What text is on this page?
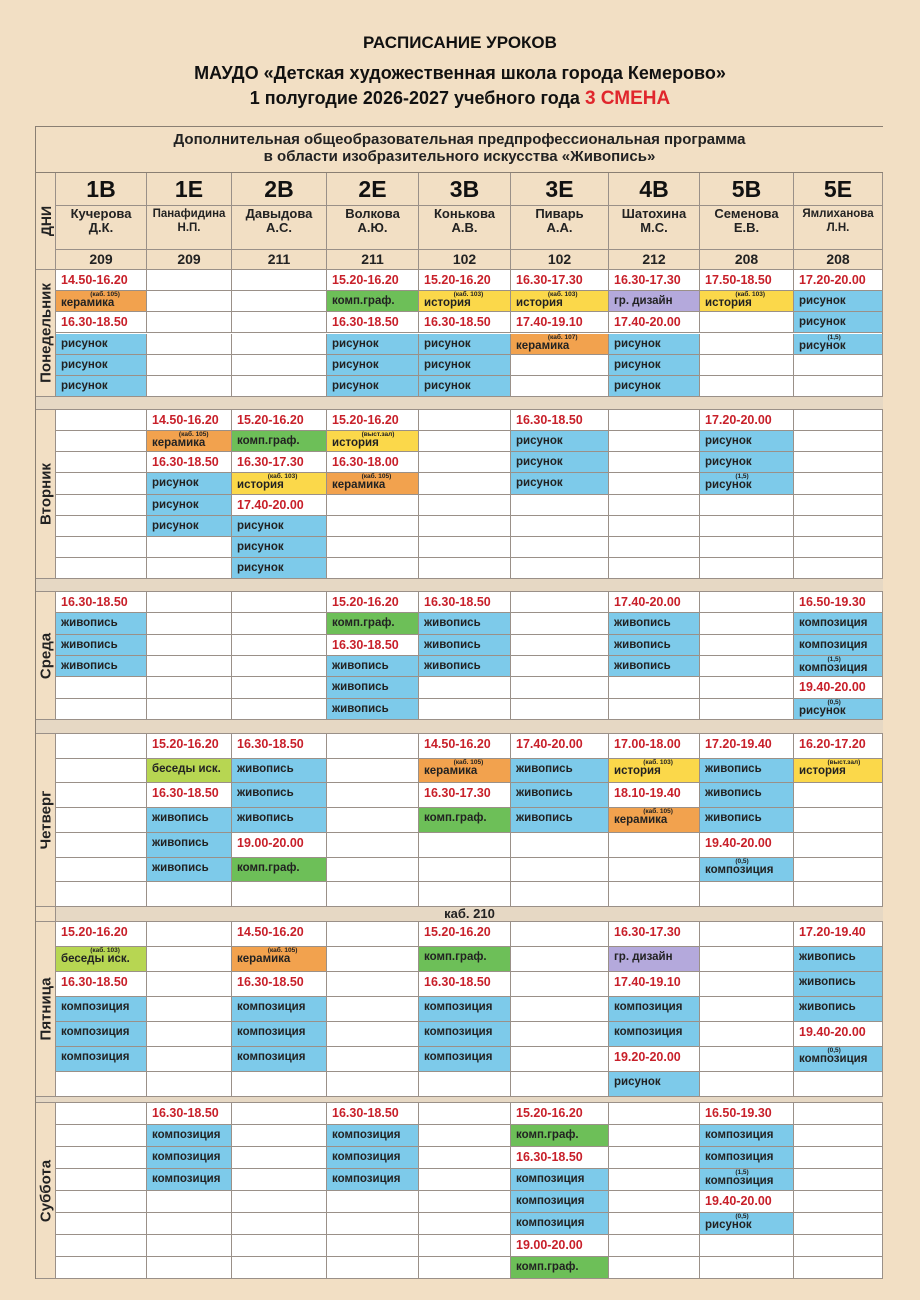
РАСПИСАНИЕ УРОКОВ
МАУДО «Детская художественная школа города Кемерово»
1 полугодие 2026-2027 учебного года 3 СМЕНА
Дополнительная общеобразовательная предпрофессиональная программа
в области изобразительного искусства «Живопись»
ДНИ
1В
Кучерова
Д.К.
209
1Е
Панафидина
Н.П.
209
2В
Давыдова
А.С.
211
2Е
Волкова
А.Ю.
211
3В
Конькова
А.В.
102
3Е
Пиварь
А.А.
102
4В
Шатохина
М.С.
212
5В
Семенова
Е.В.
208
5Е
Ямлиханова
Л.Н.
208
каб. 210
Понедельник
14.50-16.20
(каб. 105)
керамика
16.30-18.50
рисунок
рисунок
рисунок
15.20-16.20
комп.граф.
16.30-18.50
рисунок
рисунок
рисунок
15.20-16.20
(каб. 103)
история
16.30-18.50
рисунок
рисунок
рисунок
16.30-17.30
(каб. 103)
история
17.40-19.10
(каб. 107)
керамика
16.30-17.30
гр. дизайн
17.40-20.00
рисунок
рисунок
рисунок
17.50-18.50
(каб. 103)
история
17.20-20.00
рисунок
рисунок
(1,5)
рисунок
Вторник
14.50-16.20
(каб. 105)
керамика
16.30-18.50
рисунок
рисунок
рисунок
15.20-16.20
комп.граф.
16.30-17.30
(каб. 103)
история
17.40-20.00
рисунок
рисунок
рисунок
15.20-16.20
(выст.зал)
история
16.30-18.00
(каб. 105)
керамика
16.30-18.50
рисунок
рисунок
рисунок
17.20-20.00
рисунок
рисунок
(1,5)
рисунок
Среда
16.30-18.50
живопись
живопись
живопись
15.20-16.20
комп.граф.
16.30-18.50
живопись
живопись
живопись
16.30-18.50
живопись
живопись
живопись
17.40-20.00
живопись
живопись
живопись
16.50-19.30
композиция
композиция
(1,5)
композиция
19.40-20.00
(0,5)
рисунок
Четверг
15.20-16.20
беседы иск.
16.30-18.50
живопись
живопись
живопись
16.30-18.50
живопись
живопись
живопись
19.00-20.00
комп.граф.
14.50-16.20
(каб. 105)
керамика
16.30-17.30
комп.граф.
17.40-20.00
живопись
живопись
живопись
17.00-18.00
(каб. 103)
история
18.10-19.40
(каб. 105)
керамика
17.20-19.40
живопись
живопись
живопись
19.40-20.00
(0,5)
композиция
16.20-17.20
(выст.зал)
история
Пятница
15.20-16.20
(каб. 103)
беседы иск.
16.30-18.50
композиция
композиция
композиция
14.50-16.20
(каб. 105)
керамика
16.30-18.50
композиция
композиция
композиция
15.20-16.20
комп.граф.
16.30-18.50
композиция
композиция
композиция
16.30-17.30
гр. дизайн
17.40-19.10
композиция
композиция
19.20-20.00
рисунок
17.20-19.40
живопись
живопись
живопись
19.40-20.00
(0,5)
композиция
Суббота
16.30-18.50
композиция
композиция
композиция
16.30-18.50
композиция
композиция
композиция
15.20-16.20
комп.граф.
16.30-18.50
композиция
композиция
композиция
19.00-20.00
комп.граф.
16.50-19.30
композиция
композиция
(1,5)
композиция
19.40-20.00
(0,5)
рисунок
